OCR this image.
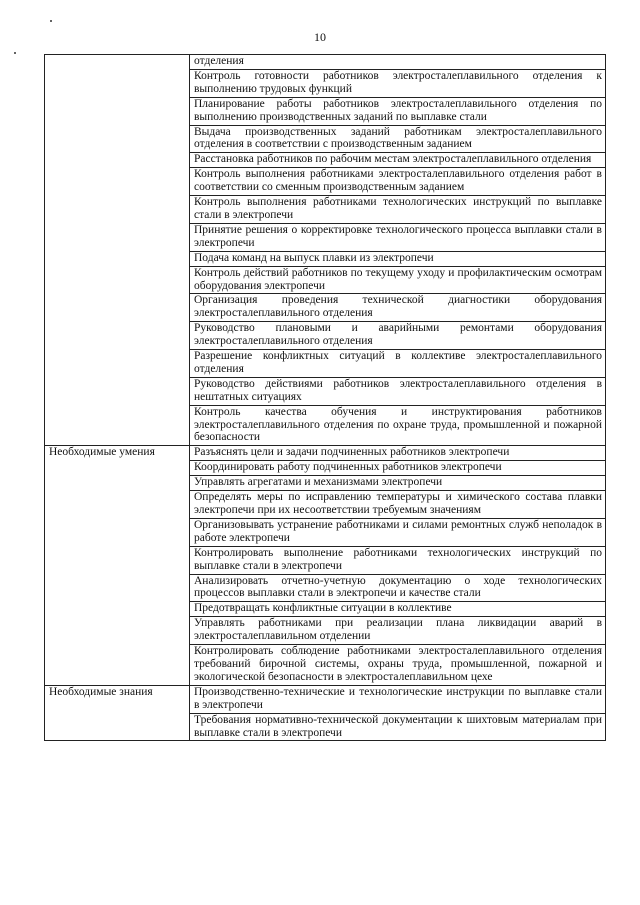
10
	отделения
	Контроль готовности работников электросталеплавильного отделения к выполнению трудовых функций
	Планирование работы работников электросталеплавильного отделения по выполнению производственных заданий по выплавке стали
	Выдача производственных заданий работникам электросталеплавильного отделения в соответствии с производственным заданием
	Расстановка работников по рабочим местам электросталеплавильного отделения
	Контроль выполнения работниками электросталеплавильного отделения работ в соответствии со сменным производственным заданием
	Контроль выполнения работниками технологических инструкций по выплавке стали в электропечи
	Принятие решения о корректировке технологического процесса выплавки стали в электропечи
	Подача команд на выпуск плавки из электропечи
	Контроль действий работников по текущему уходу и профилактическим осмотрам оборудования электропечи
	Организация проведения технической диагностики оборудования электросталеплавильного отделения
	Руководство плановыми и аварийными ремонтами оборудования электросталеплавильного отделения
	Разрешение конфликтных ситуаций в коллективе электросталеплавильного отделения
	Руководство действиями работников электросталеплавильного отделения в нештатных ситуациях
	Контроль качества обучения и инструктирования работников электросталеплавильного отделения по охране труда, промышленной и пожарной безопасности
Необходимые умения	Разъяснять цели и задачи подчиненных работников электропечи
	Координировать работу подчиненных работников электропечи
	Управлять агрегатами и механизмами электропечи
	Определять меры по исправлению температуры и химического состава плавки электропечи при их несоответствии требуемым значениям
	Организовывать устранение работниками и силами ремонтных служб неполадок в работе электропечи
	Контролировать выполнение работниками технологических инструкций по выплавке стали в электропечи
	Анализировать отчетно-учетную документацию о ходе технологических процессов выплавки стали в электропечи и качестве стали
	Предотвращать конфликтные ситуации в коллективе
	Управлять работниками при реализации плана ликвидации аварий в электросталеплавильном отделении
	Контролировать соблюдение работниками электросталеплавильного отделения требований бирочной системы, охраны труда, промышленной, пожарной и экологической безопасности в электросталеплавильном цехе
Необходимые знания	Производственно-технические и технологические инструкции по выплавке стали в электропечи
	Требования нормативно-технической документации к шихтовым материалам при выплавке стали в электропечи
